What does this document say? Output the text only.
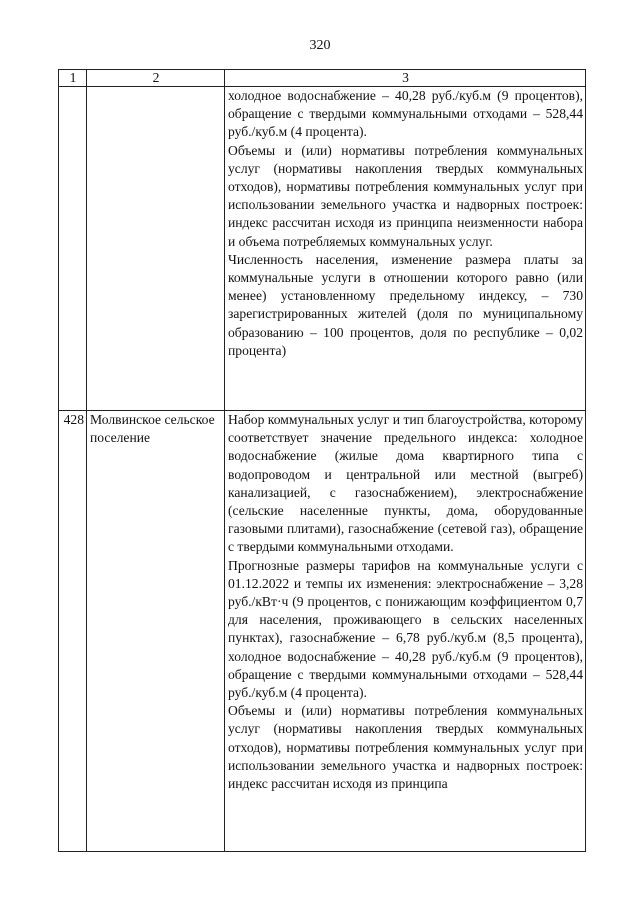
320
1	2	3

		холодное водоснабжение – 40,28 руб./куб.м (9 процентов), обращение с твердыми коммунальными отходами – 528,44 руб./куб.м (4 процента).

Объемы и (или) нормативы потребления коммунальных услуг (нормативы накопления твердых коммунальных отходов), нормативы потребления коммунальных услуг при использовании земельного участка и надворных построек: индекс рассчитан исходя из принципа неизменности набора и объема потребляемых коммунальных услуг.

Численность населения, изменение размера платы за коммунальные услуги в отношении которого равно (или менее) установленному предельному индексу, – 730 зарегистрированных жителей (доля по муниципальному образованию – 100 процентов, доля по республике – 0,02 процента)

428	Молвинское сельское поселение	Набор коммунальных услуг и тип благоустройства, которому соответствует значение предельного индекса: холодное водоснабжение (жилые дома квартирного типа с водопроводом и центральной или местной (выгреб) канализацией, с газоснабжением), электроснабжение (сельские населенные пункты, дома, оборудованные газовыми плитами), газоснабжение (сетевой газ), обращение с твердыми коммунальными отходами.

Прогнозные размеры тарифов на коммунальные услуги с 01.12.2022 и темпы их изменения: электроснабжение – 3,28 руб./кВт·ч (9 процентов, с понижающим коэффициентом 0,7 для населения, проживающего в сельских населенных пунктах), газоснабжение – 6,78 руб./куб.м (8,5 процента), холодное водоснабжение – 40,28 руб./куб.м (9 процентов), обращение с твердыми коммунальными отходами – 528,44 руб./куб.м (4 процента).

Объемы и (или) нормативы потребления коммунальных услуг (нормативы накопления твердых коммунальных отходов), нормативы потребления коммунальных услуг при использовании земельного участка и надворных построек: индекс рассчитан исходя из принципа
